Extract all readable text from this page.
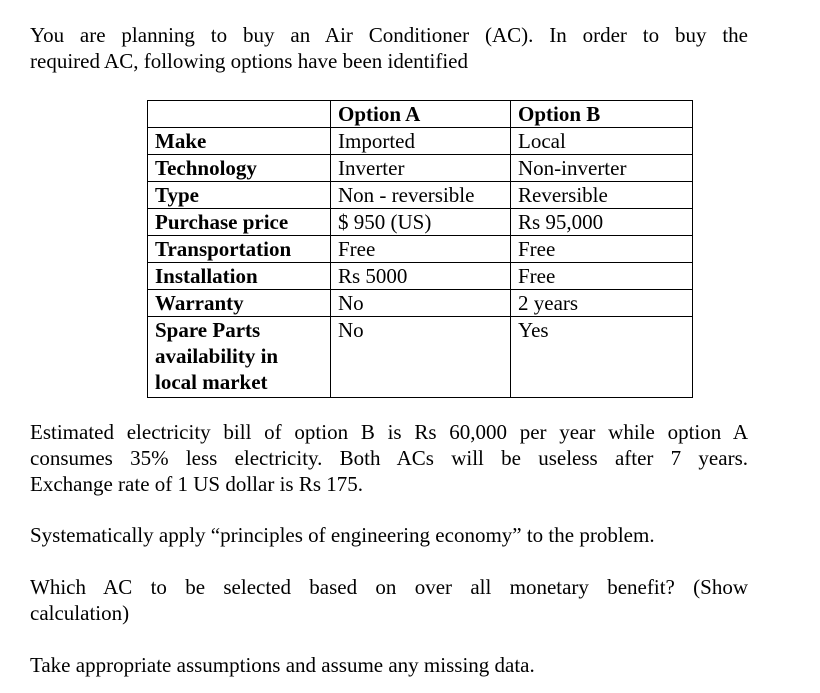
You are planning to buy an Air Conditioner (AC). In order to buy the
required AC, following options have been identified
	Option A	Option B
Make	Imported	Local
Technology	Inverter	Non-inverter
Type	Non - reversible	Reversible
Purchase price	$ 950 (US)	Rs 95,000
Transportation	Free	Free
Installation	Rs 5000	Free
Warranty	No	2 years

Spare Parts
availability in
local market	No	Yes
Estimated electricity bill of option B is Rs 60,000 per year while option A
consumes 35% less electricity. Both ACs will be useless after 7 years.
Exchange rate of 1 US dollar is Rs 175.
Systematically apply “principles of engineering economy” to the problem.
Which AC to be selected based on over all monetary benefit? (Show
calculation)
Take appropriate assumptions and assume any missing data.
